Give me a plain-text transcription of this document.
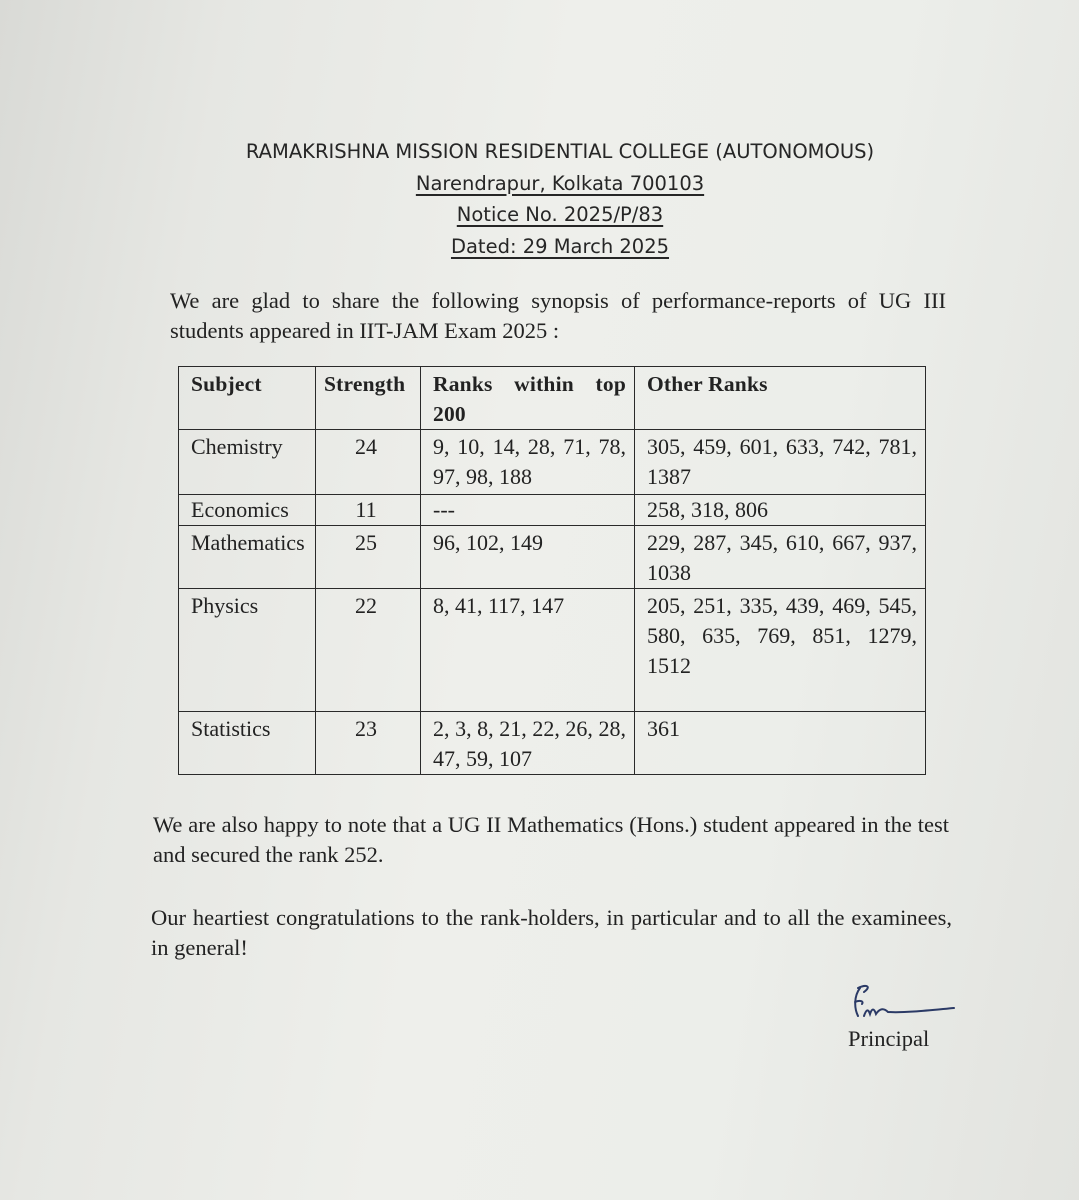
RAMAKRISHNA MISSION RESIDENTIAL COLLEGE (AUTONOMOUS)
Narendrapur, Kolkata 700103
Notice No. 2025/P/83
Dated: 29 March 2025

We are glad to share the following synopsis of performance-reports of UG III students appeared in IIT-JAM Exam 2025 :

Subject	Strength	Ranks within top 200	Other Ranks
Chemistry	24	9, 10, 14, 28, 71, 78, 97, 98, 188	305, 459, 601, 633, 742, 781, 1387
Economics	11	---	258, 318, 806
Mathematics	25	96, 102, 149	229, 287, 345, 610, 667, 937, 1038
Physics	22	8, 41, 117, 147	205, 251, 335, 439, 469, 545, 580, 635, 769, 851, 1279, 1512
Statistics	23	2, 3, 8, 21, 22, 26, 28, 47, 59, 107	361

We are also happy to note that a UG II Mathematics (Hons.) student appeared in the test and secured the rank 252.

Our heartiest congratulations to the rank-holders, in particular and to all the examinees, in general!

Principal
